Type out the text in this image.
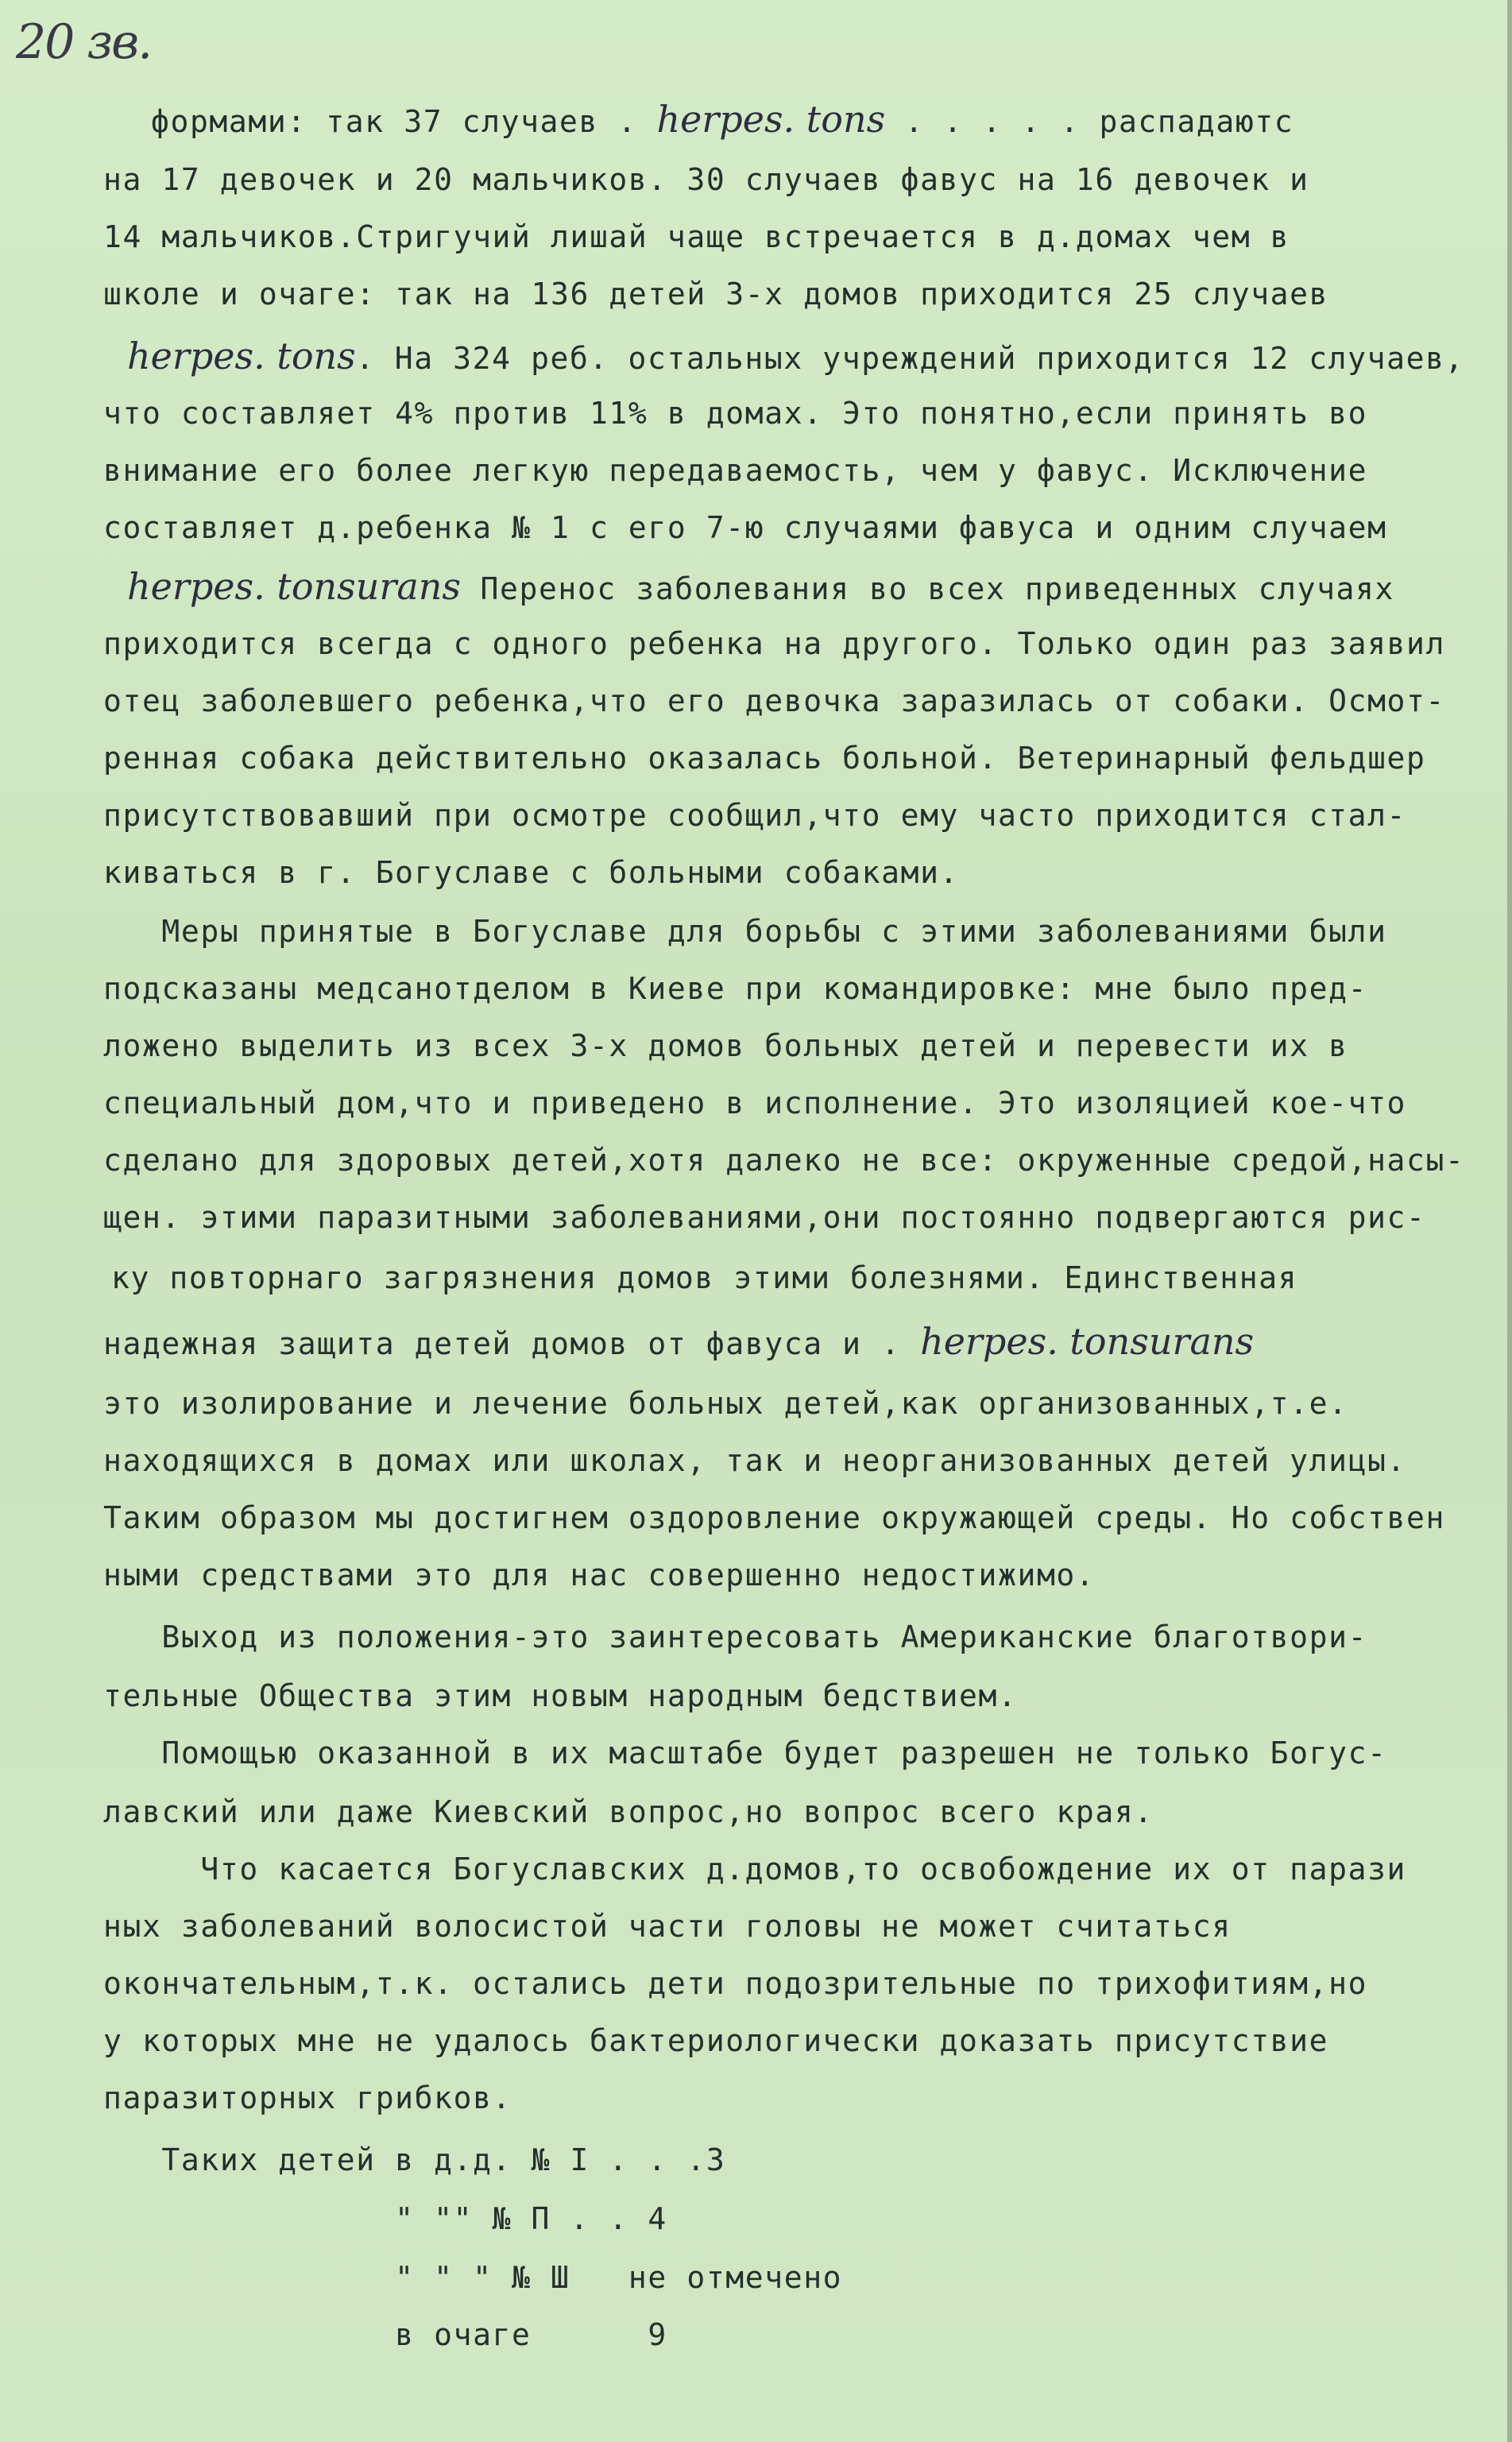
20 зв.
формами: так 37 случаев . herpes. tons . . . . . распадаютс
на 17 девочек и 20 мальчиков. 30 случаев фавус на 16 девочек и
14 мальчиков.Стригучий лишай чаще встречается в д.домах чем в
школе и очаге: так на 136 детей 3-х домов приходится 25 случаев
herpes. tons. На 324 реб. остальных учреждений приходится 12 случаев,
что составляет 4% против 11% в домах. Это понятно,если принять во
внимание его более легкую передаваемость, чем у фавус. Исключение
составляет д.ребенка № 1 с его 7-ю случаями фавуса и одним случаем
herpes. tonsurans Перенос заболевания во всех приведенных случаях
приходится всегда с одного ребенка на другого. Только один раз заявил
отец заболевшего ребенка,что его девочка заразилась от собаки. Осмот-
ренная собака действительно оказалась больной. Ветеринарный фельдшер
присутствовавший при осмотре сообщил,что ему часто приходится стал-
киваться в г. Богуславе с больными собаками.
Меры принятые в Богуславе для борьбы с этими заболеваниями были
подсказаны медсанотделом в Киеве при командировке: мне было пред-
ложено выделить из всех 3-х домов больных детей и перевести их в
специальный дом,что и приведено в исполнение. Это изоляцией кое-что
сделано для здоровых детей,хотя далеко не все: окруженные средой,насы-
щен. этими паразитными заболеваниями,они постоянно подвергаются рис-
ку повторнаго загрязнения домов этими болезнями. Единственная
надежная защита детей домов от фавуса и . herpes. tonsurans
это изолирование и лечение больных детей,как организованных,т.е.
находящихся в домах или школах, так и неорганизованных детей улицы.
Таким образом мы достигнем оздоровление окружающей среды. Но собствен
ными средствами это для нас совершенно недостижимо.
Выход из положения-это заинтересовать Американские благотвори-
тельные Общества этим новым народным бедствием.
Помощью оказанной в их масштабе будет разрешен не только Богус-
лавский или даже Киевский вопрос,но вопрос всего края.
Что касается Богуславских д.домов,то освобождение их от парази
ных заболеваний волосистой части головы не может считаться
окончательным,т.к. остались дети подозрительные по трихофитиям,но
у которых мне не удалось бактериологически доказать присутствие
паразиторных грибков.
Таких детей в д.д. № I . . .3
" "" № П . . 4
" " " № Ш   не отмечено
в очаге      9
